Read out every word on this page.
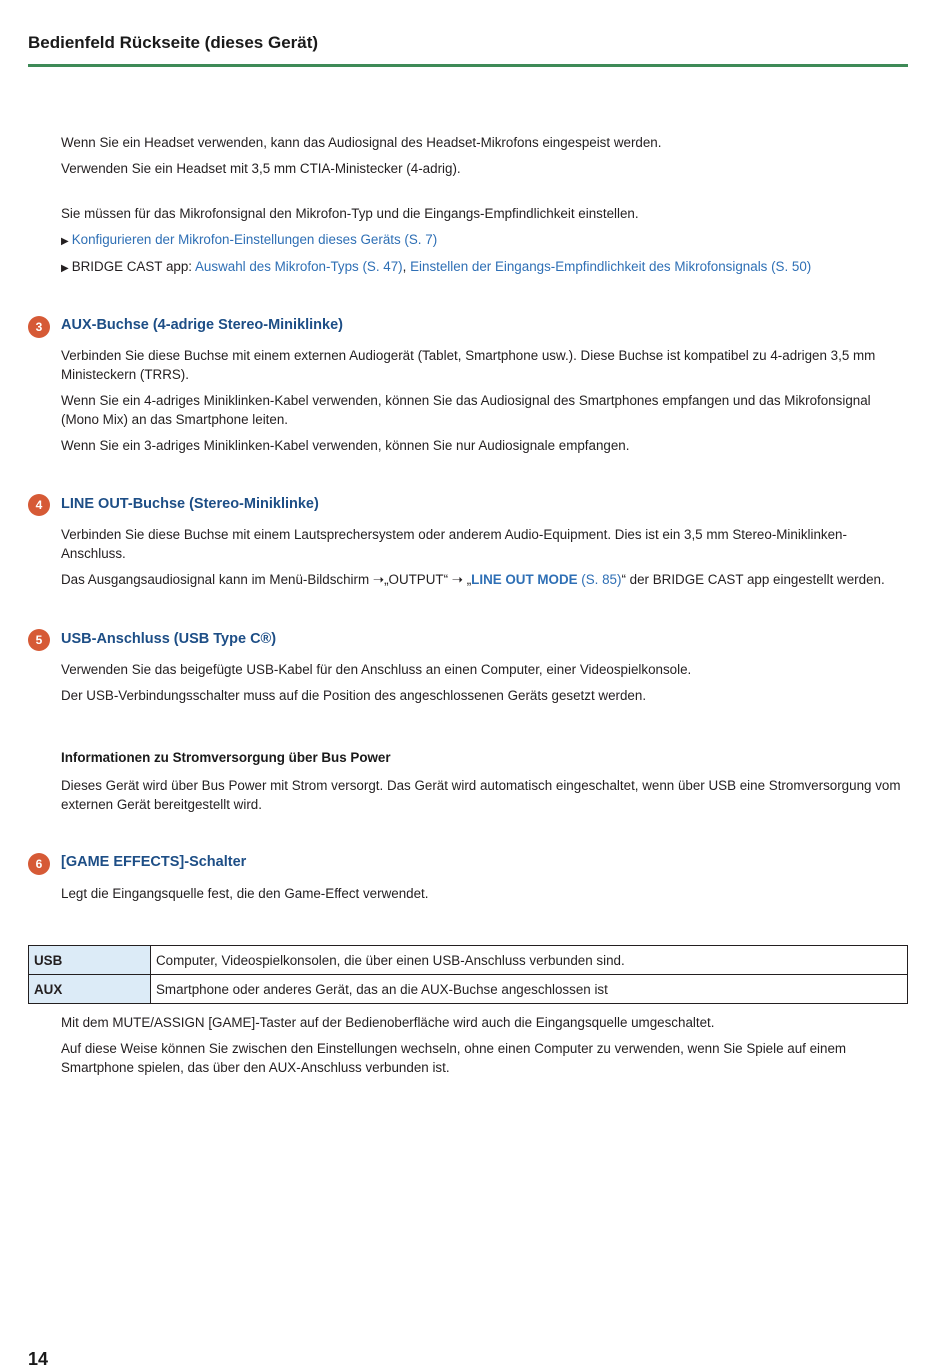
Bedienfeld Rückseite (dieses Gerät)
Wenn Sie ein Headset verwenden, kann das Audiosignal des Headset-Mikrofons eingespeist werden.
Verwenden Sie ein Headset mit 3,5 mm CTIA-Ministecker (4-adrig).
Sie müssen für das Mikrofonsignal den Mikrofon-Typ und die Eingangs-Empfindlichkeit einstellen.
▶ Konfigurieren der Mikrofon-Einstellungen dieses Geräts (S. 7)
▶ BRIDGE CAST app: Auswahl des Mikrofon-Typs (S. 47), Einstellen der Eingangs-Empfindlichkeit des Mikrofonsignals (S. 50)
3	AUX-Buchse (4-adrige Stereo-Miniklinke)
Verbinden Sie diese Buchse mit einem externen Audiogerät (Tablet, Smartphone usw.). Diese Buchse ist kompatibel zu 4-adrigen 3,5 mm Ministeckern (TRRS).
Wenn Sie ein 4-adriges Miniklinken-Kabel verwenden, können Sie das Audiosignal des Smartphones empfangen und das Mikrofonsignal (Mono Mix) an das Smartphone leiten.
Wenn Sie ein 3-adriges Miniklinken-Kabel verwenden, können Sie nur Audiosignale empfangen.
4	LINE OUT-Buchse (Stereo-Miniklinke)
Verbinden Sie diese Buchse mit einem Lautsprechersystem oder anderem Audio-Equipment. Dies ist ein 3,5 mm Stereo-Miniklinken-Anschluss.
Das Ausgangsaudiosignal kann im Menü-Bildschirm ➝„OUTPUT“ ➝ „LINE OUT MODE (S. 85)“ der BRIDGE CAST app eingestellt werden.
5	USB-Anschluss (USB Type C®)
Verwenden Sie das beigefügte USB-Kabel für den Anschluss an einen Computer, einer Videospielkonsole.
Der USB-Verbindungsschalter muss auf die Position des angeschlossenen Geräts gesetzt werden.
Informationen zu Stromversorgung über Bus Power
Dieses Gerät wird über Bus Power mit Strom versorgt. Das Gerät wird automatisch eingeschaltet, wenn über USB eine Stromversorgung vom externen Gerät bereitgestellt wird.
6	[GAME EFFECTS]-Schalter
Legt die Eingangsquelle fest, die den Game-Effect verwendet.
USB	Computer, Videospielkonsolen, die über einen USB-Anschluss verbunden sind.
AUX	Smartphone oder anderes Gerät, das an die AUX-Buchse angeschlossen ist
Mit dem MUTE/ASSIGN [GAME]-Taster auf der Bedienoberfläche wird auch die Eingangsquelle umgeschaltet.
Auf diese Weise können Sie zwischen den Einstellungen wechseln, ohne einen Computer zu verwenden, wenn Sie Spiele auf einem Smartphone spielen, das über den AUX-Anschluss verbunden ist.
14
